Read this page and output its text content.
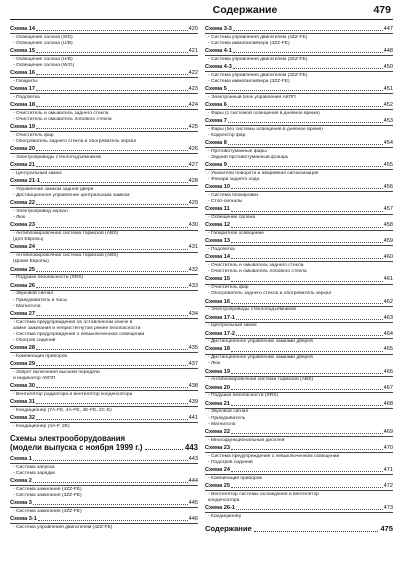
Содержание	479
Схема 14	420
- Освещение салона (SID)
- Освещение салона (U/B)
Схема 15	421
- Освещение салона (H/B)
- Освещение салона (W/G)
Схема 16	422
- Габариты
Схема 17	423
- Подсветка
Схема 18	424
- Очиститель и омыватель заднего стекла
- Очиститель и омыватель лобового стекла
Схема 19	425
- Очиститель фар
- Обогреватель заднего стекла и обогреватель зеркал
Схема 20	426
- Электроприводы стеклоподъёмников
Схема 21	427
- Центральный замок
Схема 21-1	428
- Управление замком задней двери
- Дистанционное управление центральным замком
Схема 22	429
- Электропривод зеркал
- Люк
Схема 23	430
- Антиблокировочная система тормозов (ABS)
(для Европы)
Схема 24	431
- Антиблокировочная система тормозов (ABS)
(кроме Европы)
Схема 25	432
- Подушки безопасности (SRS)
Схема 26	433
- Звуковой сигнал
- Прикуриватель и часы
- Магнитола
Схема 27	434
- Система предупреждения об оставленном ключе в
замке зажигания и непристёгнутом ремне безопасности
- Система предупреждения о невыключенном освещении
- Обогрев сидений
Схема 28	435
- Комбинация приборов
Схема 29	437
- Запрет включения высшей передачи
и индикатор АКПП
Схема 30	438
- Вентилятор радиатора и вентилятор конденсатора
Схема 31	439
- Кондиционер (7A-FE, 4A-FE, 4E-FE, 2C-E)
Схема 32	441
- Кондиционер (4A-F, 2E)
Схемы электрооборудования
(модели выпуска с ноября 1999 г.)	443
Схема 1	443
- Система запуска
- Система зарядки
Схема 2	444
- Система зажигания (4ZZ-FE)
- Система зажигания (3ZZ-FE)
Схема 3	445
- Система зажигания (4ZZ-FE)
Схема 3-1	446
- Система управления двигателем (4ZZ-FE)
Схема 3-3	447
- Система управления двигателем (4ZZ-FE)
- Система иммобилайзера (4ZZ-FE)
Схема 4-1	448
- Система управления двигателем (3ZZ-FE)
Схема 4-3	450
- Система управления двигателем (3ZZ-FE)
- Система иммобилайзера (3ZZ-FE)
Схема 5	451
- Электронный блок управления АКПП
Схема 6	452
- Фары (с системой освещения в дневное время)
Схема 7	453
- Фары (без системы освещения в дневное время)
- Корректор фар
Схема 8	454
- Противотуманные фары
- Задний противотуманный фонарь
Схема 9	455
- Указатели поворота и аварийная сигнализация
- Фонари заднего хода
Схема 10	456
- Система блокировки
- Стоп-сигналы
Схема 11	457
- Освещение салона
Схема 12	458
- Габаритное освещение
Схема 13	459
- Подсветка
Схема 14	460
- Очиститель и омыватель заднего стекла
- Очиститель и омыватель лобового стекла
Схема 15	461
- Очиститель фар
- Обогреватель заднего стекла и обогреватель зеркал
Схема 16	462
- Электроприводы стеклоподъёмников
Схема 17-1	463
- Центральный замок
Схема 17-2	464
- Дистанционное управление замками дверей
Схема 18	465
- Дистанционное управление замками дверей
- Люк
Схема 19	466
- Антиблокировочная система тормозов (ABS)
Схема 20	467
- Подушки безопасности (SRS)
Схема 21	468
- Звуковой сигнал
- Прикуриватель
- Магнитола
Схема 22	469
- Многофункциональный дисплей
Схема 23	470
- Система предупреждения о невыключенном освещении
- Подогрев сидений
Схема 24	471
- Комбинация приборов
Схема 25	472
- Вентилятор системы охлаждения и вентилятор
конденсатора
Схема 26-1	473
- Кондиционер
Содержание	475
